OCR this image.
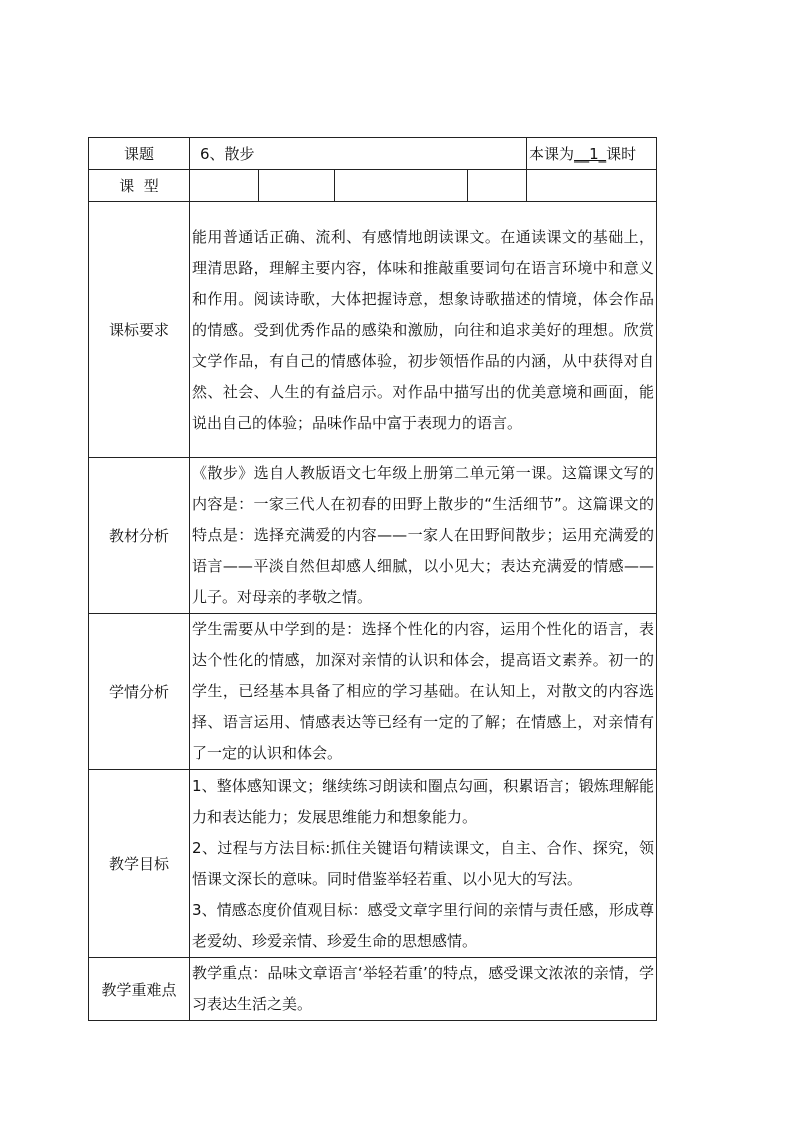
课题	6、散步				本课为__1_课时
课  型					
课标要求	能用普通话正确、流利、有感情地朗读课文。在通读课文的基础上，理清思路，理解主要内容，体味和推敲重要词句在语言环境中和意义和作用。阅读诗歌，大体把握诗意，想象诗歌描述的情境，体会作品的情感。受到优秀作品的感染和激励，向往和追求美好的理想。欣赏文学作品，有自己的情感体验，初步领悟作品的内涵，从中获得对自然、社会、人生的有益启示。对作品中描写出的优美意境和画面，能说出自己的体验；品味作品中富于表现力的语言。				
教材分析	《散步》选自人教版语文七年级上册第二单元第一课。这篇课文写的内容是：一家三代人在初春的田野上散步的“生活细节”。这篇课文的特点是：选择充满爱的内容——一家人在田野间散步；运用充满爱的语言——平淡自然但却感人细腻，以小见大；表达充满爱的情感——儿子。对母亲的孝敬之情。				
学情分析	学生需要从中学到的是：选择个性化的内容，运用个性化的语言，表达个性化的情感，加深对亲情的认识和体会，提高语文素养。初一的学生，已经基本具备了相应的学习基础。在认知上，对散文的内容选择、语言运用、情感表达等已经有一定的了解；在情感上，对亲情有了一定的认识和体会。				
教学目标	1、整体感知课文；继续练习朗读和圈点勾画，积累语言；锻炼理解能力和表达能力；发展思维能力和想象能力。

2、过程与方法目标:抓住关键语句精读课文，自主、合作、探究，领悟课文深长的意味。同时借鉴举轻若重、以小见大的写法。

3、情感态度价值观目标：感受文章字里行间的亲情与责任感，形成尊老爱幼、珍爱亲情、珍爱生命的思想感情。				

教学重难点	教学重点：品味文章语言‘举轻若重’的特点，感受课文浓浓的亲情，学习表达生活之美。				
